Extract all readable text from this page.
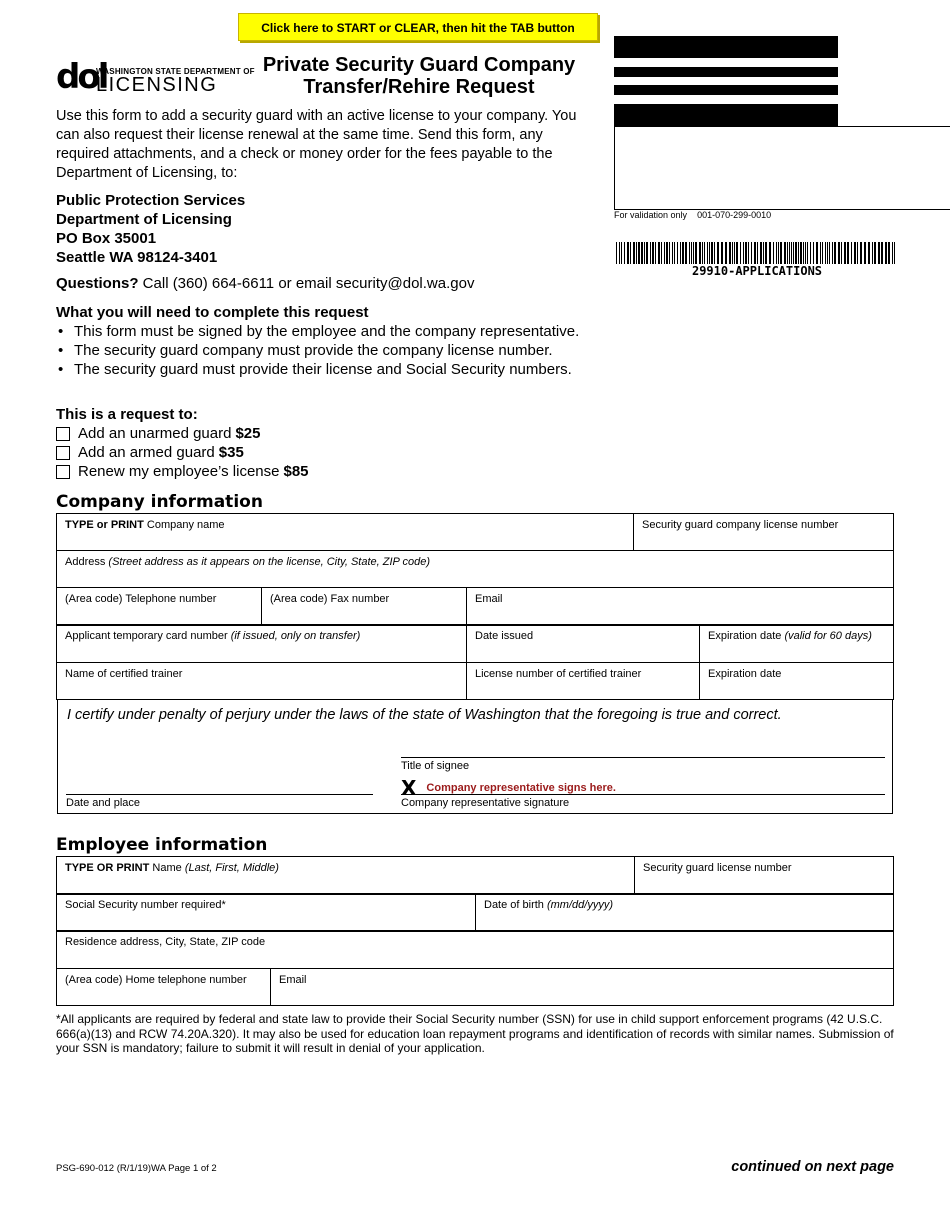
Click here to START or CLEAR, then hit the TAB button
dol
WASHINGTON STATE DEPARTMENT OF
LICENSING
Private Security Guard Company
Transfer/Rehire Request
For validation only 001-070-299-0010
29910-APPLICATIONS
Use this form to add a security guard with an active license to your company. You can also request their license renewal at the same time. Send this form, any required attachments, and a check or money order for the fees payable to the Department of Licensing, to:
Public Protection Services
Department of Licensing
PO Box 35001
Seattle WA 98124-3401
Questions? Call (360) 664-6611 or email security@dol.wa.gov
What you will need to complete this request
• This form must be signed by the employee and the company representative.
• The security guard company must provide the company license number.
• The security guard must provide their license and Social Security numbers.
This is a request to:
Add an unarmed guard $25
Add an armed guard $35
Renew my employee’s license $85
Company information
TYPE or PRINT Company name	Security guard company license number
Address (Street address as it appears on the license, City, State, ZIP code)
(Area code) Telephone number	(Area code) Fax number	Email
Applicant temporary card number (if issued, only on transfer)	Date issued	Expiration date (valid for 60 days)
Name of certified trainer	License number of certified trainer	Expiration date
I certify under penalty of perjury under the laws of the state of Washington that the foregoing is true and correct.
Title of signee
X Company representative signs here.
Date and place	Company representative signature
Employee information
TYPE OR PRINT Name (Last, First, Middle)	Security guard license number
Social Security number required*	Date of birth (mm/dd/yyyy)
Residence address, City, State, ZIP code
(Area code) Home telephone number	Email
*All applicants are required by federal and state law to provide their Social Security number (SSN) for use in child support enforcement programs (42 U.S.C. 666(a)(13) and RCW 74.20A.320). It may also be used for education loan repayment programs and identification of records with similar names. Submission of your SSN is mandatory; failure to submit it will result in denial of your application.
PSG-690-012 (R/1/19)WA Page 1 of 2	continued on next page
